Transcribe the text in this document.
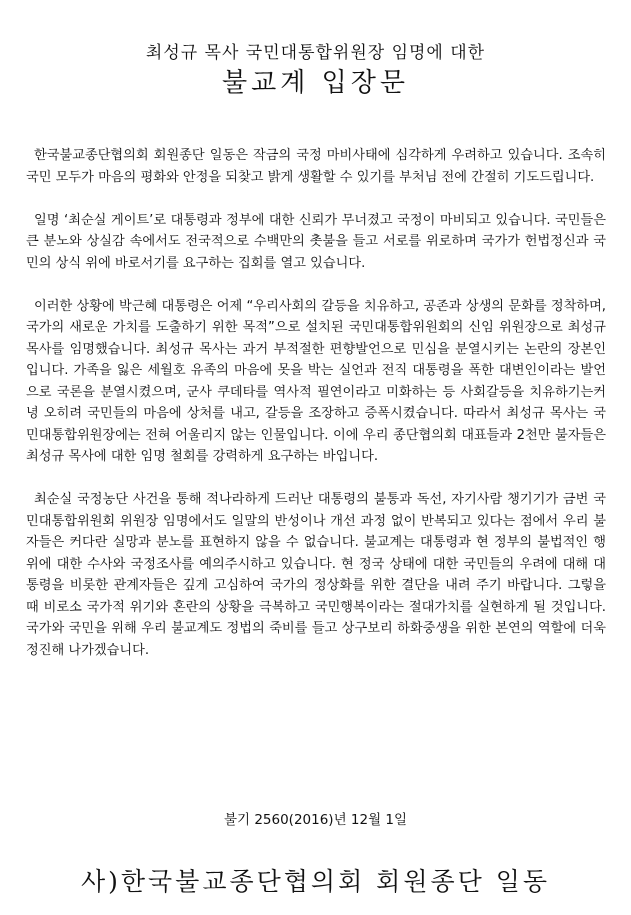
최성규 목사 국민대통합위원장 임명에 대한
불교계 입장문

한국불교종단협의회 회원종단 일동은 작금의 국정 마비사태에 심각하게 우려하고 있습니다. 조속히 국민 모두가 마음의 평화와 안정을 되찾고 밝게 생활할 수 있기를 부처님 전에 간절히 기도드립니다.

일명 ‘최순실 게이트’로 대통령과 정부에 대한 신뢰가 무너졌고 국정이 마비되고 있습니다. 국민들은 큰 분노와 상실감 속에서도 전국적으로 수백만의 촛불을 들고 서로를 위로하며 국가가 헌법정신과 국민의 상식 위에 바로서기를 요구하는 집회를 열고 있습니다.

이러한 상황에 박근혜 대통령은 어제 “우리사회의 갈등을 치유하고, 공존과 상생의 문화를 정착하며, 국가의 새로운 가치를 도출하기 위한 목적”으로 설치된 국민대통합위원회의 신임 위원장으로 최성규 목사를 임명했습니다. 최성규 목사는 과거 부적절한 편향발언으로 민심을 분열시키는 논란의 장본인입니다. 가족을 잃은 세월호 유족의 마음에 못을 박는 실언과 전직 대통령을 폭한 대변인이라는 발언으로 국론을 분열시켰으며, 군사 쿠데타를 역사적 필연이라고 미화하는 등 사회갈등을 치유하기는커녕 오히려 국민들의 마음에 상처를 내고, 갈등을 조장하고 증폭시켰습니다. 따라서 최성규 목사는 국민대통합위원장에는 전혀 어울리지 않는 인물입니다. 이에 우리 종단협의회 대표들과 2천만 불자들은 최성규 목사에 대한 임명 철회를 강력하게 요구하는 바입니다.

최순실 국정농단 사건을 통해 적나라하게 드러난 대통령의 불통과 독선, 자기사람 챙기기가 금번 국민대통합위원회 위원장 임명에서도 일말의 반성이나 개선 과정 없이 반복되고 있다는 점에서 우리 불자들은 커다란 실망과 분노를 표현하지 않을 수 없습니다. 불교계는 대통령과 현 정부의 불법적인 행위에 대한 수사와 국정조사를 예의주시하고 있습니다. 현 정국 상태에 대한 국민들의 우려에 대해 대통령을 비롯한 관계자들은 깊게 고심하여 국가의 정상화를 위한 결단을 내려 주기 바랍니다. 그렇을 때 비로소 국가적 위기와 혼란의 상황을 극복하고 국민행복이라는 절대가치를 실현하게 될 것입니다. 국가와 국민을 위해 우리 불교계도 정법의 죽비를 들고 상구보리 하화중생을 위한 본연의 역할에 더욱 정진해 나가겠습니다.

불기 2560(2016)년 12월 1일
사)한국불교종단협의회 회원종단 일동
